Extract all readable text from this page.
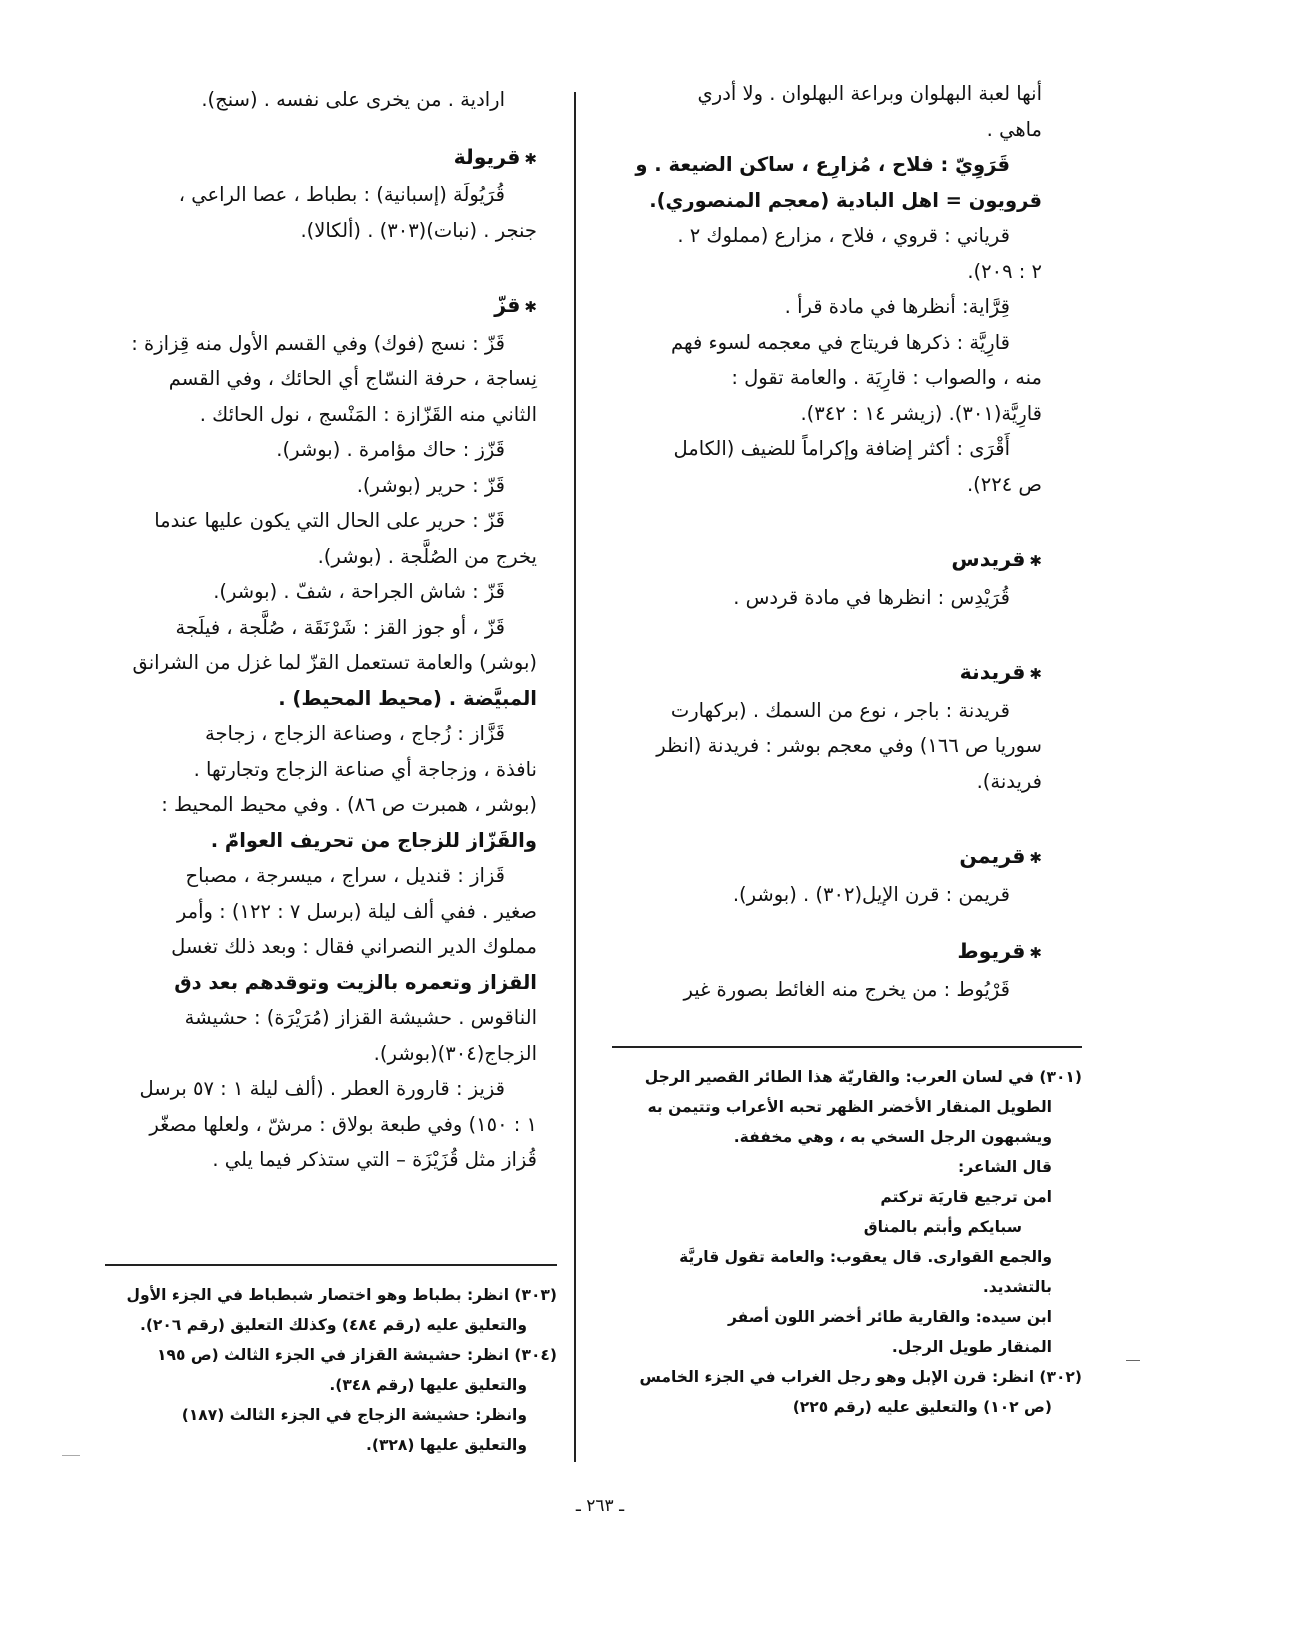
أنها لعبة البهلوان وبراعة البهلوان . ولا أدري

ماهي .

قَرَوِيّ : فلاح ، مُزارِع ، ساكن الضيعة . و

قرويون = اهل البادية (معجم المنصوري).

قرياني : قروي ، فلاح ، مزارع (مملوك ٢ .

٢ : ٢٠٩).

قِرَّاية: أنظرها في مادة قرأ .

قارِيَّة : ذكرها فريتاج في معجمه لسوء فهم

منه ، والصواب : قارِيَة . والعامة تقول :

قارِيَّة(٣٠١). (زيشر ١٤ : ٣٤٢).

أَقْرَى : أكثر إضافة وإكراماً للضيف (الكامل

ص ٢٢٤).

✱قريدس

قُرَيْدِس : انظرها في مادة قردس .

✱قريدنة

قريدنة : باجر ، نوع من السمك . (بركهارت

سوريا ص ١٦٦) وفي معجم بوشر : فريدنة (انظر

فريدنة).

✱قريمن

قريمن : قرن الإيل(٣٠٢) . (بوشر).

✱قريوط

قَرْيُوط : من يخرج منه الغائط بصورة غير

ارادية . من يخرى على نفسه . (سنج).

✱قريولة

قُرَيُولَة (إسبانية) : بطباط ، عصا الراعي ،

جنجر . (نبات)(٣٠٣) . (ألكالا).

✱قزّ

قَزّ : نسج (فوك) وفي القسم الأول منه قِزازة :

نِساجة ، حرفة النسّاج أي الحائك ، وفي القسم

الثاني منه القَزّازة : المَنْسج ، نول الحائك .

قَزّز : حاك مؤامرة . (بوشر).

قَزّ : حرير (بوشر).

قَزّ : حرير على الحال التي يكون عليها عندما

يخرج من الصُلَّجة . (بوشر).

قَزّ : شاش الجراحة ، شفّ . (بوشر).

قَزّ ، أو جوز القز : شَرْنَقَة ، صُلَّجة ، فيلَجة

(بوشر) والعامة تستعمل القزّ لما غزل من الشرانق

المبيَّضة . (محيط المحيط) .

قَزَّاز : زُجاج ، وصناعة الزجاج ، زجاجة

نافذة ، وزجاجة أي صناعة الزجاج وتجارتها .

(بوشر ، همبرت ص ٨٦) . وفي محيط المحيط :

والقَزّاز للزجاج من تحريف العوامّ .

قَزاز : قنديل ، سراج ، ميسرجة ، مصباح

صغير . ففي ألف ليلة (برسل ٧ : ١٢٢) : وأمر

مملوك الدير النصراني فقال : وبعد ذلك تغسل

القزاز وتعمره بالزيت وتوقدهم بعد دق

الناقوس . حشيشة القزاز (مُرَيْرَة) : حشيشة

الزجاج(٣٠٤)(بوشر).

قزيز : قارورة العطر . (ألف ليلة ١ : ٥٧ برسل

١ : ١٥٠) وفي طبعة بولاق : مرشّ ، ولعلها مصغّر

قُزاز مثل قُزَيْزَة – التي ستذكر فيما يلي .

(٣٠١) في لسان العرب: والقاريّة هذا الطائر القصير الرجل

الطويل المنقار الأخضر الظهر تحبه الأعراب وتتيمن به

ويشبهون الرجل السخي به ، وهي مخففة.

قال الشاعر:

امن ترجيع قاريَة تركتم

سبايكم وأبتم بالمناق

والجمع القوارى. قال يعقوب: والعامة تقول قاريَّة

بالتشديد.

ابن سيده: والقارية طائر أخضر اللون أصفر

المنقار طويل الرجل.

(٣٠٢) انظر: قرن الإبل وهو رجل الغراب في الجزء الخامس

(ص ١٠٢) والتعليق عليه (رقم ٢٢٥)

(٣٠٣) انظر: بطباط وهو اختصار شبطباط في الجزء الأول

والتعليق عليه (رقم ٤٨٤) وكذلك التعليق (رقم ٢٠٦).

(٣٠٤) انظر: حشيشة القزاز في الجزء الثالث (ص ١٩٥

والتعليق عليها (رقم ٣٤٨).

وانظر: حشيشة الزجاج في الجزء الثالث (١٨٧)

والتعليق عليها (٣٢٨).

ـ ٢٦٣ ـ
